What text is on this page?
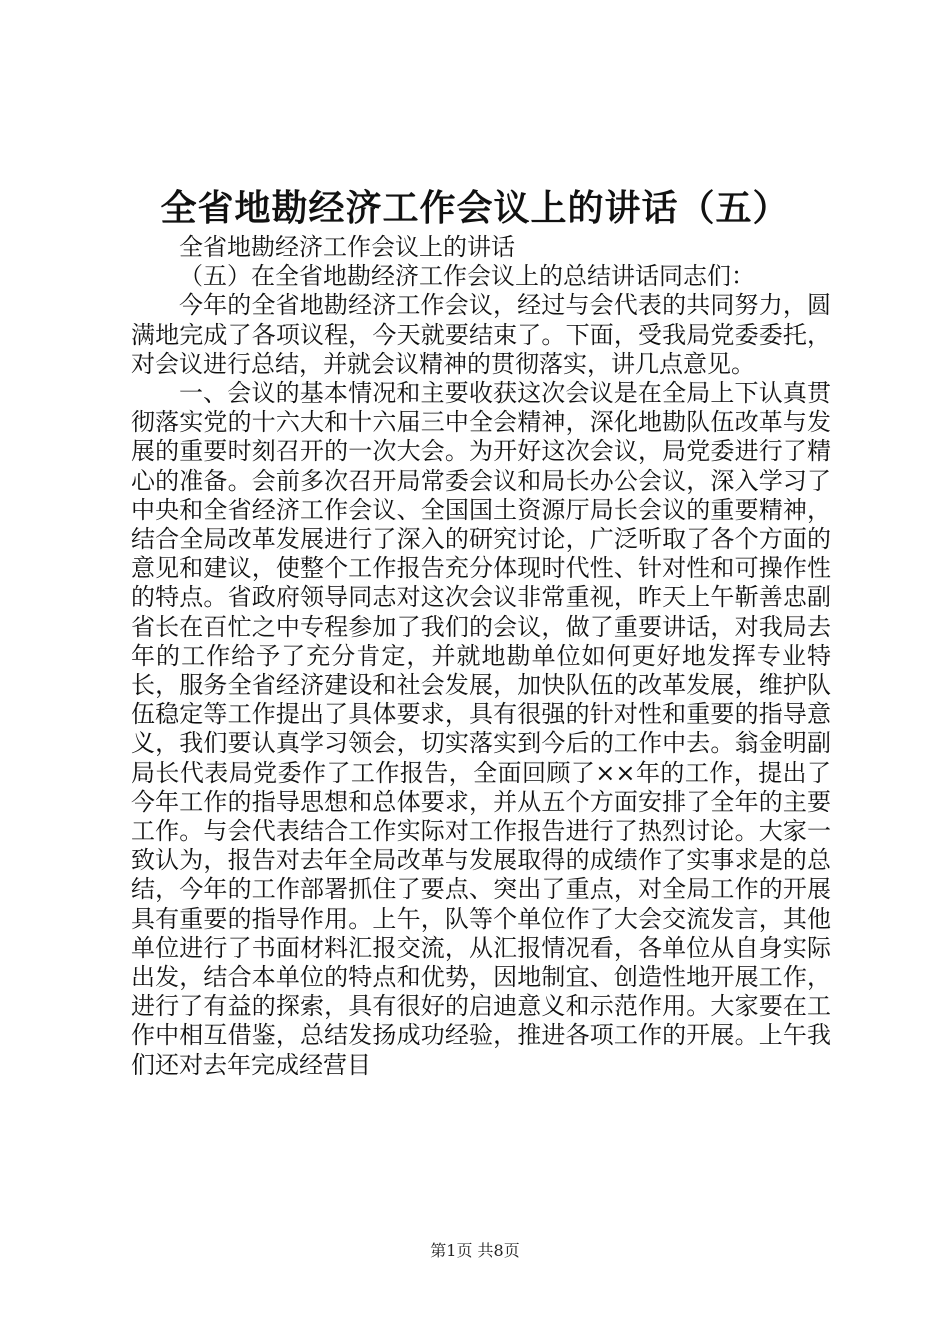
全省地勘经济工作会议上的讲话（五）

全省地勘经济工作会议上的讲话

（五）在全省地勘经济工作会议上的总结讲话同志们：

今年的全省地勘经济工作会议，经过与会代表的共同努力，圆满地完成了各项议程，今天就要结束了。下面，受我局党委委托，对会议进行总结，并就会议精神的贯彻落实，讲几点意见。

一、会议的基本情况和主要收获这次会议是在全局上下认真贯彻落实党的十六大和十六届三中全会精神，深化地勘队伍改革与发展的重要时刻召开的一次大会。为开好这次会议，局党委进行了精心的准备。会前多次召开局常委会议和局长办公会议，深入学习了中央和全省经济工作会议、全国国土资源厅局长会议的重要精神，结合全局改革发展进行了深入的研究讨论，广泛听取了各个方面的意见和建议，使整个工作报告充分体现时代性、针对性和可操作性的特点。省政府领导同志对这次会议非常重视，昨天上午靳善忠副省长在百忙之中专程参加了我们的会议，做了重要讲话，对我局去年的工作给予了充分肯定，并就地勘单位如何更好地发挥专业特长，服务全省经济建设和社会发展，加快队伍的改革发展，维护队伍稳定等工作提出了具体要求，具有很强的针对性和重要的指导意义，我们要认真学习领会，切实落实到今后的工作中去。翁金明副局长代表局党委作了工作报告，全面回顾了××年的工作，提出了今年工作的指导思想和总体要求，并从五个方面安排了全年的主要工作。与会代表结合工作实际对工作报告进行了热烈讨论。大家一致认为，报告对去年全局改革与发展取得的成绩作了实事求是的总结，今年的工作部署抓住了要点、突出了重点，对全局工作的开展具有重要的指导作用。上午，队等个单位作了大会交流发言，其他单位进行了书面材料汇报交流，从汇报情况看，各单位从自身实际出发，结合本单位的特点和优势，因地制宜、创造性地开展工作，进行了有益的探索，具有很好的启迪意义和示范作用。大家要在工作中相互借鉴，总结发扬成功经验，推进各项工作的开展。上午我们还对去年完成经营目

第1页 共8页
